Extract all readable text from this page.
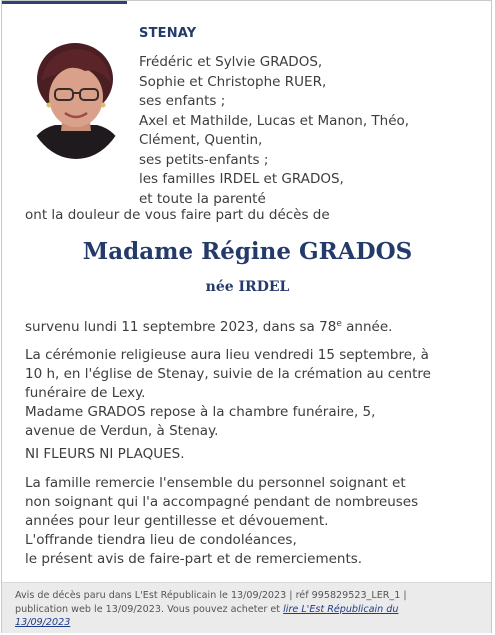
STENAY
Frédéric et Sylvie GRADOS,
Sophie et Christophe RUER,
ses enfants ;
Axel et Mathilde, Lucas et Manon, Théo,
Clément, Quentin,
ses petits-enfants ;
les familles IRDEL et GRADOS,
et toute la parenté
ont la douleur de vous faire part du décès de
Madame Régine GRADOS
née IRDEL
survenu lundi 11 septembre 2023, dans sa 78e année.
La cérémonie religieuse aura lieu vendredi 15 septembre, à
10 h, en l'église de Stenay, suivie de la crémation au centre
funéraire de Lexy.
Madame GRADOS repose à la chambre funéraire, 5,
avenue de Verdun, à Stenay.
NI FLEURS NI PLAQUES.
La famille remercie l'ensemble du personnel soignant et
non soignant qui l'a accompagné pendant de nombreuses
années pour leur gentillesse et dévouement.
L'offrande tiendra lieu de condoléances,
le présent avis de faire-part et de remerciements.
Avis de décès paru dans L'Est Républicain le 13/09/2023 | réf 995829523_LER_1 |
publication web le 13/09/2023. Vous pouvez acheter et lire L'Est Républicain du
13/09/2023
